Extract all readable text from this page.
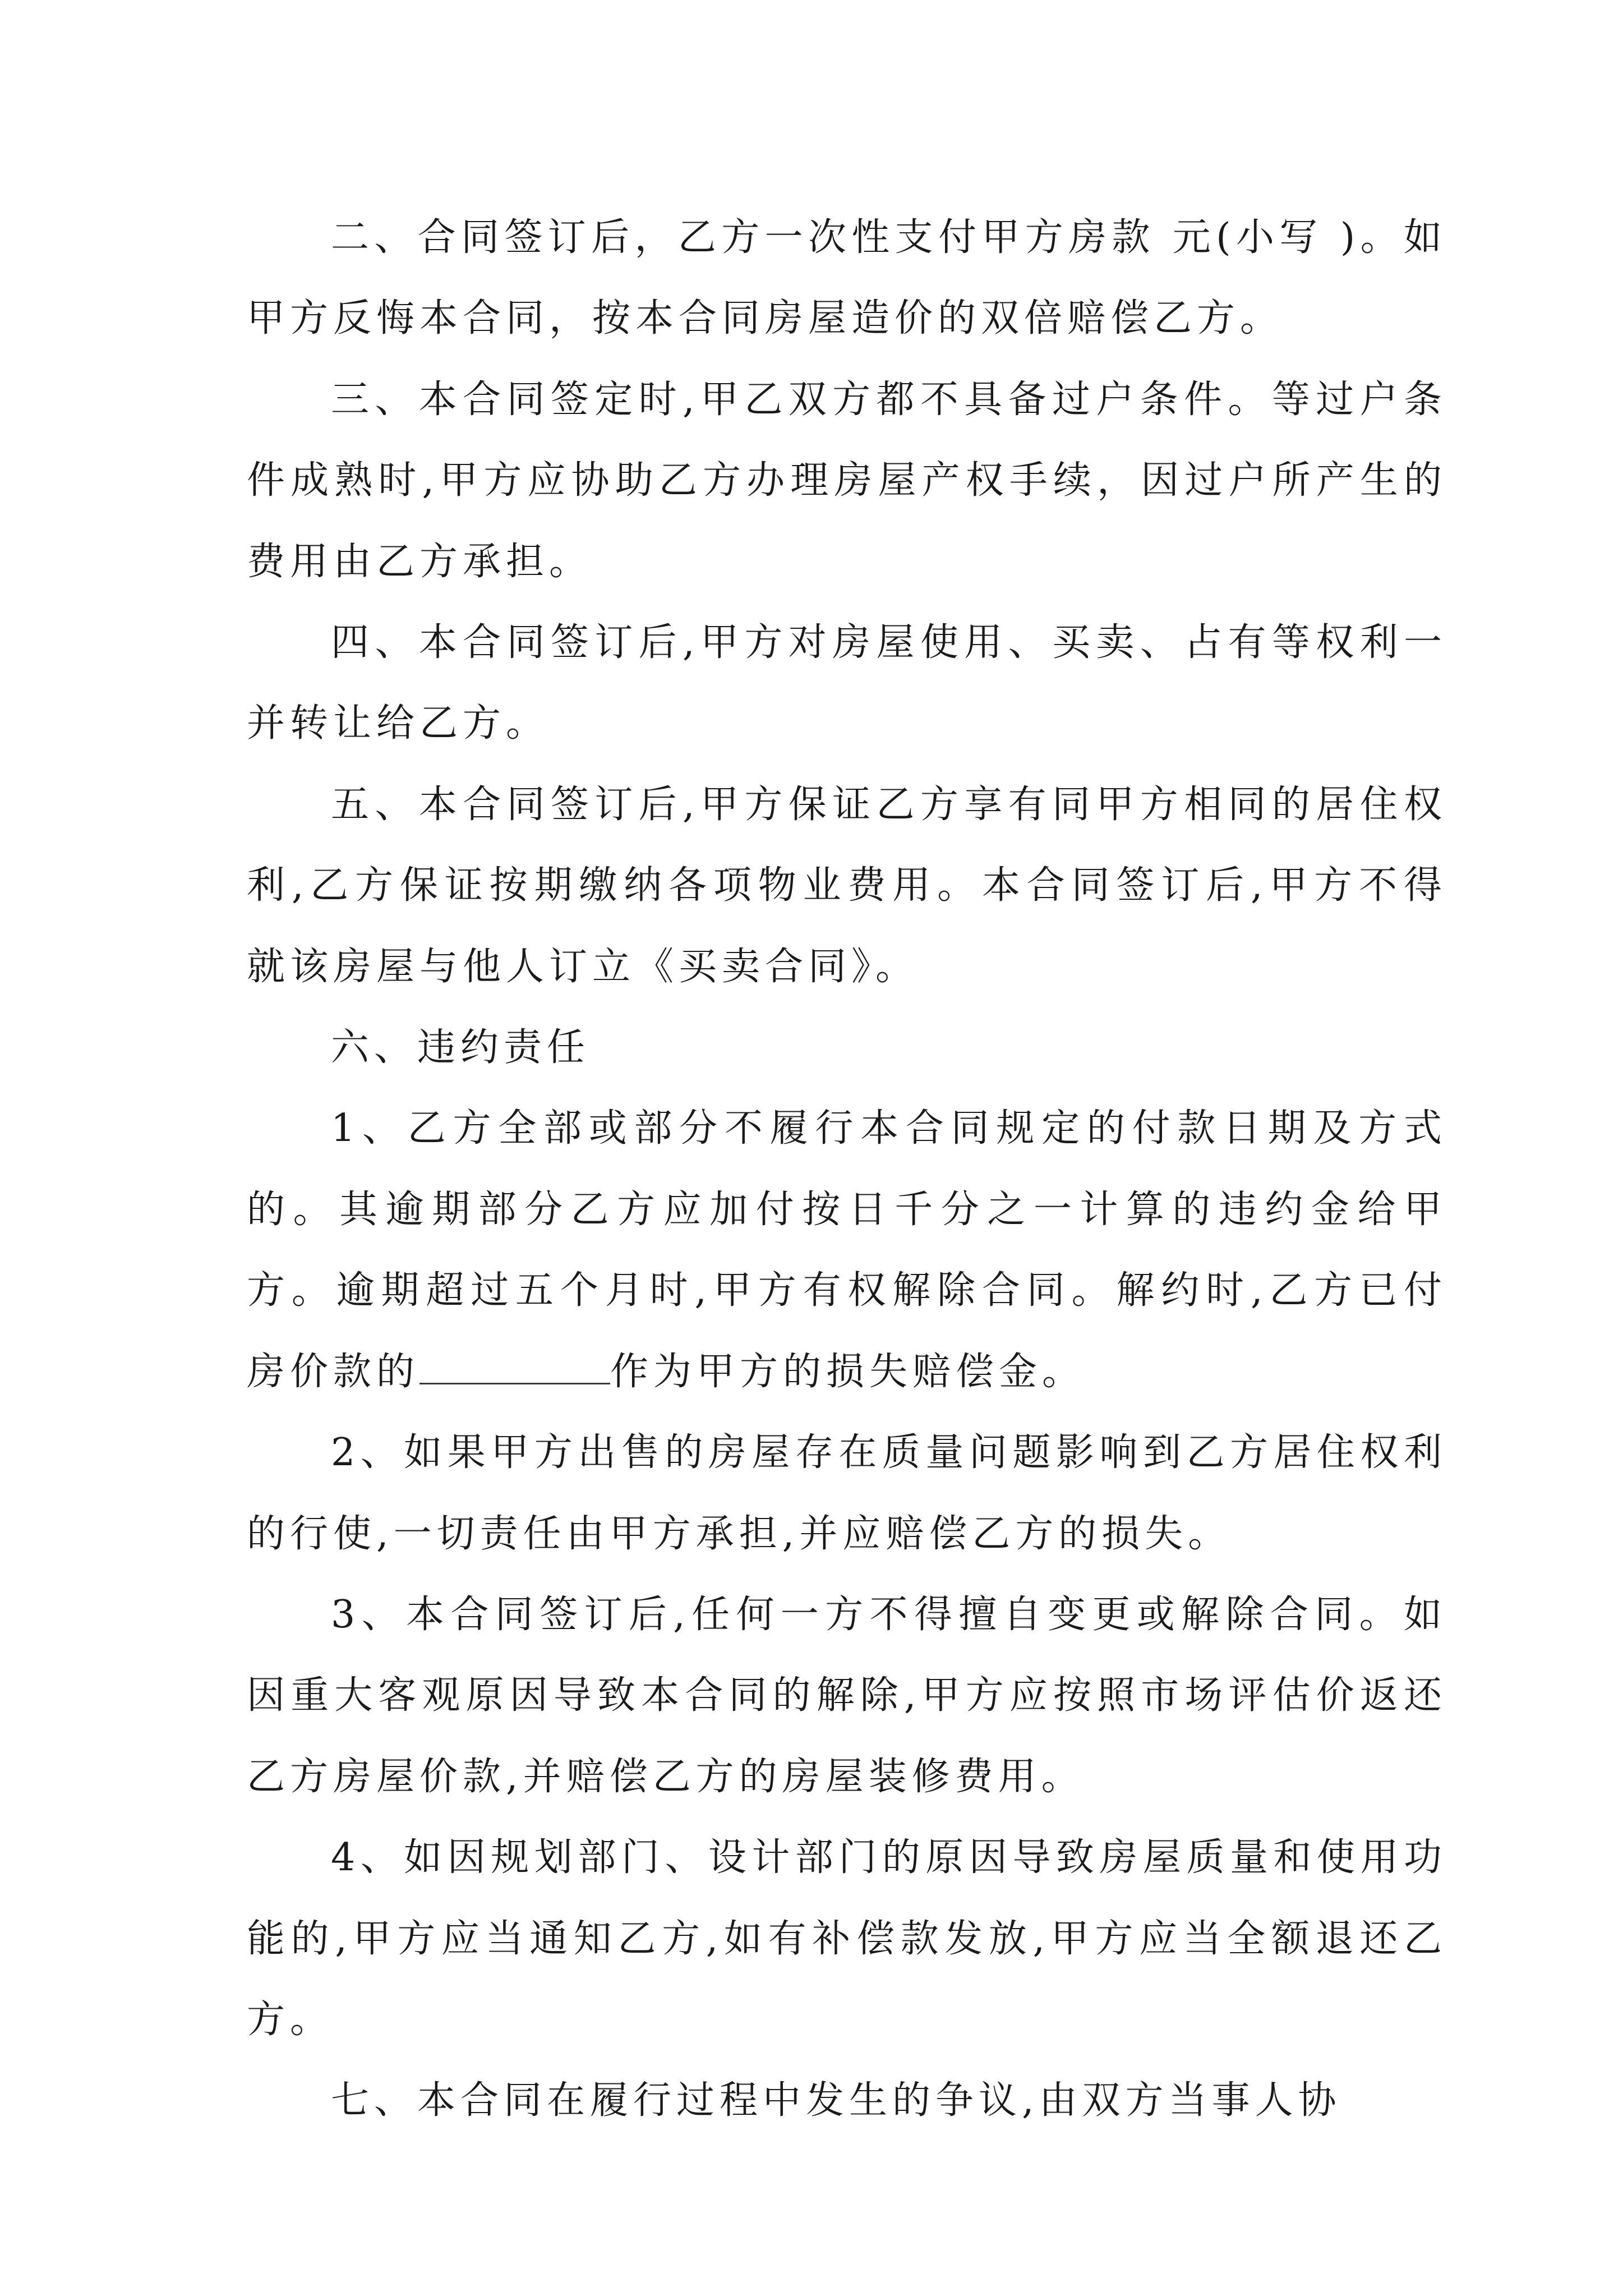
二、合同签订后，乙方一次性支付甲方房款 元(小写 )。如甲方反悔本合同，按本合同房屋造价的双倍赔偿乙方。

三、本合同签定时,甲乙双方都不具备过户条件。等过户条件成熟时,甲方应协助乙方办理房屋产权手续，因过户所产生的费用由乙方承担。

四、本合同签订后,甲方对房屋使用、买卖、占有等权利一并转让给乙方。

五、本合同签订后,甲方保证乙方享有同甲方相同的居住权利,乙方保证按期缴纳各项物业费用。本合同签订后,甲方不得就该房屋与他人订立《买卖合同》。

六、违约责任

1、乙方全部或部分不履行本合同规定的付款日期及方式的。其逾期部分乙方应加付按日千分之一计算的违约金给甲方。逾期超过五个月时,甲方有权解除合同。解约时,乙方已付房价款的	作为甲方的损失赔偿金。

2、如果甲方出售的房屋存在质量问题影响到乙方居住权利的行使,一切责任由甲方承担,并应赔偿乙方的损失。

3、本合同签订后,任何一方不得擅自变更或解除合同。如因重大客观原因导致本合同的解除,甲方应按照市场评估价返还乙方房屋价款,并赔偿乙方的房屋装修费用。

4、如因规划部门、设计部门的原因导致房屋质量和使用功能的,甲方应当通知乙方,如有补偿款发放,甲方应当全额退还乙方。

七、本合同在履行过程中发生的争议,由双方当事人协
